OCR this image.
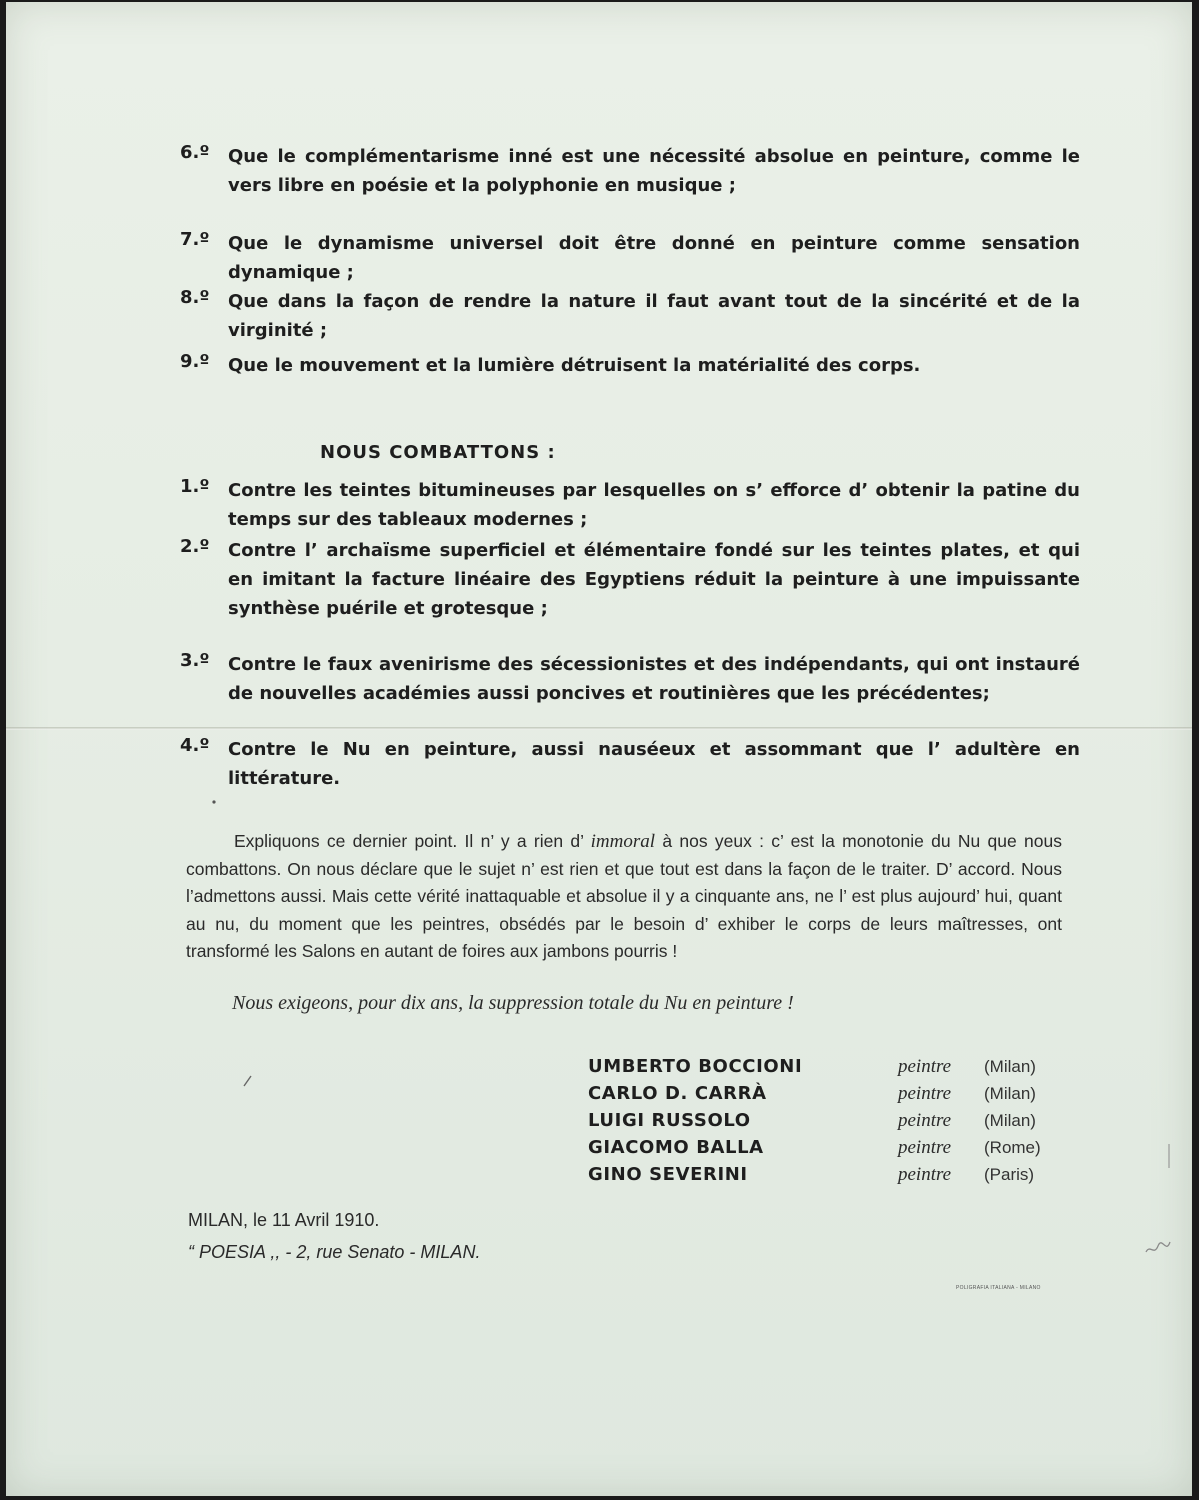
6.º	Que le complémentarisme inné est une nécessité absolue en peinture, comme le vers libre en poésie et la polyphonie en musique ;
7.º	Que le dynamisme universel doit être donné en peinture comme sensation dynamique ;
8.º	Que dans la façon de rendre la nature il faut avant tout de la sincérité et de la virginité ;
9.º	Que le mouvement et la lumière détruisent la matérialité des corps.
NOUS COMBATTONS :
1.º	Contre les teintes bitumineuses par lesquelles on s’ efforce d’ obtenir la patine du temps sur des tableaux modernes ;
2.º	Contre l’ archaïsme superficiel et élémentaire fondé sur les teintes plates, et qui en imitant la facture linéaire des Egyptiens réduit la peinture à une impuissante synthèse puérile et grotesque ;
3.º	Contre le faux avenirisme des sécessionistes et des indépendants, qui ont instauré de nouvelles académies aussi poncives et routinières que les précédentes;
4.º	Contre le Nu en peinture, aussi nauséeux et assommant que l’ adultère en littérature.

Expliquons ce dernier point. Il n’ y a rien d’ immoral à nos yeux : c’ est la monotonie du Nu que nous combattons. On nous déclare que le sujet n’ est rien et que tout est dans la façon de le traiter. D’ accord. Nous l’admettons aussi. Mais cette vérité inattaquable et absolue il y a cinquante ans, ne l’ est plus aujourd’ hui, quant au nu, du moment que les peintres, obsédés par le besoin d’ exhiber le corps de leurs maîtresses, ont transformé les Salons en autant de foires aux jambons pourris !

Nous exigeons, pour dix ans, la suppression totale du Nu en peinture !

UMBERTO BOCCIONI	peintre (Milan)
CARLO D. CARRÀ	peintre (Milan)
LUIGI RUSSOLO	peintre (Milan)
GIACOMO BALLA	peintre (Rome)
GINO SEVERINI	peintre (Paris)
MILAN, le 11 Avril 1910.
“ POESIA ,, - 2, rue Senato - MILAN.
POLIGRAFIA ITALIANA - MILANO
